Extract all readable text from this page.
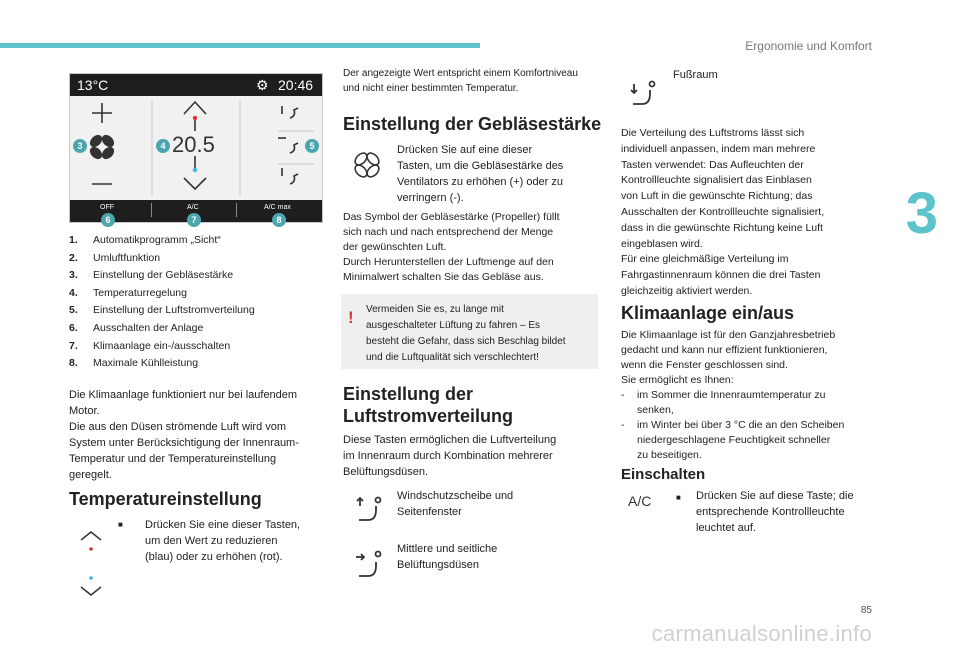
Ergonomie und Komfort
3
13°C	⚙ 20:46
20.5
OFF	A/C	A/C max
3	4	5
6	7	8
1. Automatikprogramm „Sicht“
2. Umluftfunktion
3. Einstellung der Gebläsestärke
4. Temperaturregelung
5. Einstellung der Luftstromverteilung
6. Ausschalten der Anlage
7. Klimaanlage ein-/ausschalten
8. Maximale Kühlleistung
Die Klimaanlage funktioniert nur bei laufendem
Motor.
Die aus den Düsen strömende Luft wird vom
System unter Berücksichtigung der Innenraum-
Temperatur und der Temperatureinstellung
geregelt.
Temperatureinstellung
■ Drücken Sie eine dieser Tasten,
um den Wert zu reduzieren
(blau) oder zu erhöhen (rot).
Der angezeigte Wert entspricht einem Komfortniveau
und nicht einer bestimmten Temperatur.
Einstellung der Gebläsestärke
Drücken Sie auf eine dieser
Tasten, um die Gebläsestärke des
Ventilators zu erhöhen (+) oder zu
verringern (-).
Das Symbol der Gebläsestärke (Propeller) füllt
sich nach und nach entsprechend der Menge
der gewünschten Luft.
Durch Herunterstellen der Luftmenge auf den
Minimalwert schalten Sie das Gebläse aus.
! Vermeiden Sie es, zu lange mit
ausgeschalteter Lüftung zu fahren – Es
besteht die Gefahr, dass sich Beschlag bildet
und die Luftqualität sich verschlechtert!
Einstellung der
Luftstromverteilung
Diese Tasten ermöglichen die Luftverteilung
im Innenraum durch Kombination mehrerer
Belüftungsdüsen.
Windschutzscheibe und
Seitenfenster
Mittlere und seitliche
Belüftungsdüsen
Fußraum
Die Verteilung des Luftstroms lässt sich
individuell anpassen, indem man mehrere
Tasten verwendet: Das Aufleuchten der
Kontrollleuchte signalisiert das Einblasen
von Luft in die gewünschte Richtung; das
Ausschalten der Kontrollleuchte signalisiert,
dass in die gewünschte Richtung keine Luft
eingeblasen wird.
Für eine gleichmäßige Verteilung im
Fahrgastinnenraum können die drei Tasten
gleichzeitig aktiviert werden.
Klimaanlage ein/aus
Die Klimaanlage ist für den Ganzjahresbetrieb
gedacht und kann nur effizient funktionieren,
wenn die Fenster geschlossen sind.
Sie ermöglicht es Ihnen:
- im Sommer die Innenraumtemperatur zu
senken,
- im Winter bei über 3 °C die an den Scheiben
niedergeschlagene Feuchtigkeit schneller
zu beseitigen.
Einschalten
A/C	■ Drücken Sie auf diese Taste; die
entsprechende Kontrollleuchte
leuchtet auf.
85
carmanualsonline.info
